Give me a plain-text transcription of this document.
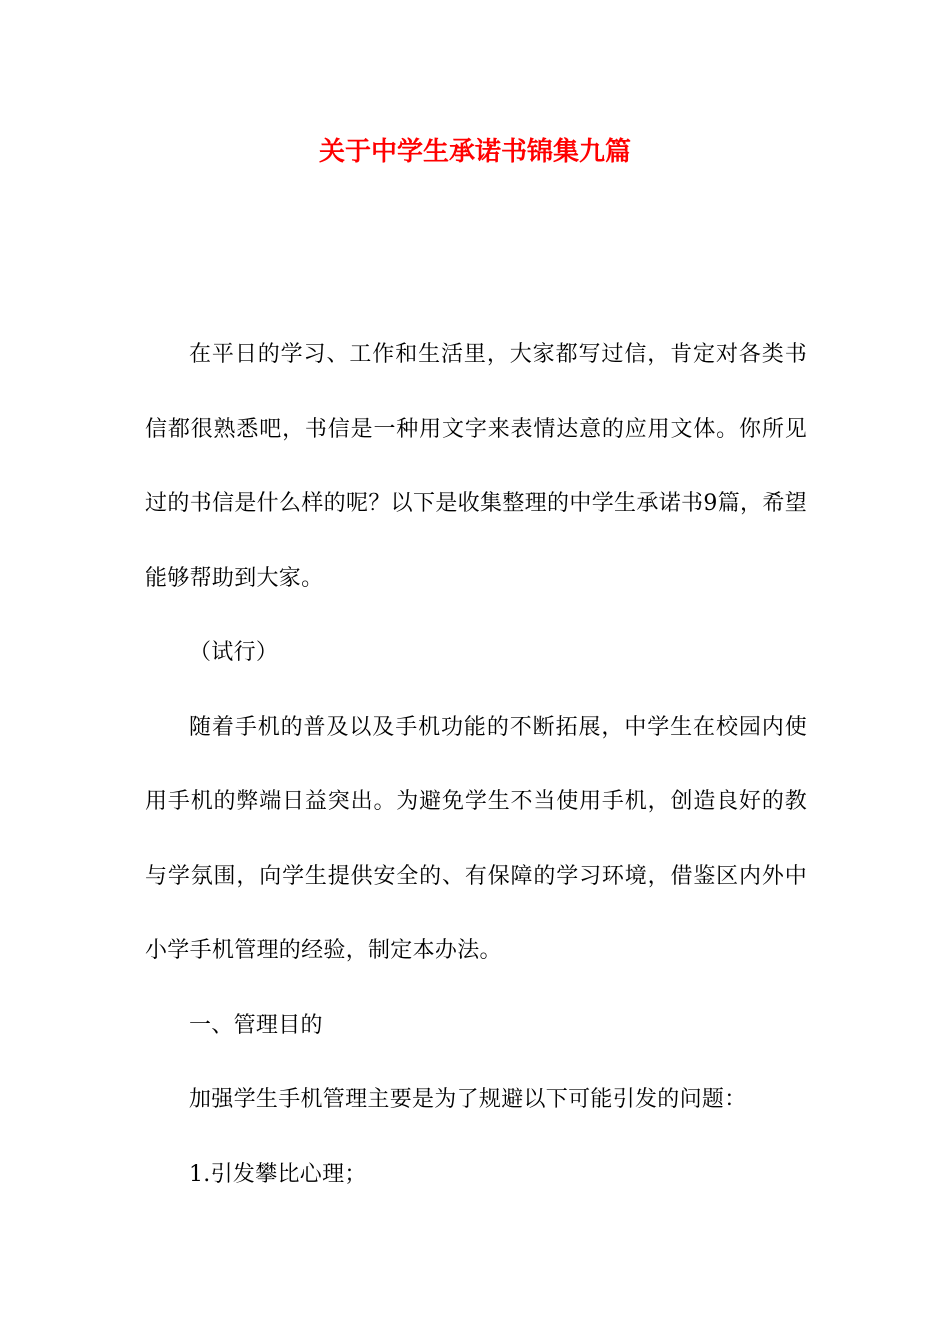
关于中学生承诺书锦集九篇

在平日的学习、工作和生活里，大家都写过信，肯定对各类书信都很熟悉吧，书信是一种用文字来表情达意的应用文体。你所见过的书信是什么样的呢？以下是收集整理的中学生承诺书9篇，希望能够帮助到大家。

（试行）

随着手机的普及以及手机功能的不断拓展，中学生在校园内使用手机的弊端日益突出。为避免学生不当使用手机，创造良好的教与学氛围，向学生提供安全的、有保障的学习环境，借鉴区内外中小学手机管理的经验，制定本办法。

一、管理目的

加强学生手机管理主要是为了规避以下可能引发的问题：

1.引发攀比心理；
